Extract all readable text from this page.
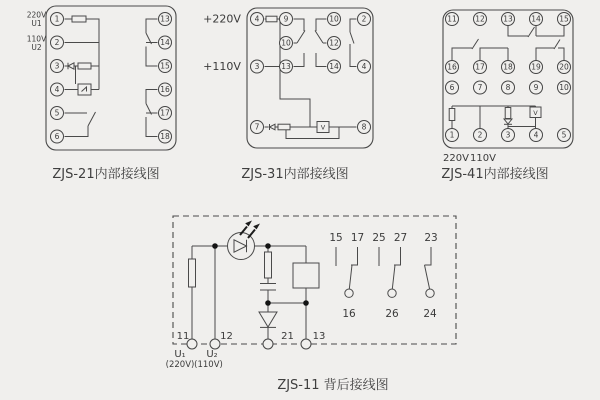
220V
U1
110V
U2
1
2
3
4
5
6
13
14
15
16
17
18
ZJS-21内部接线图
+220V
+110V
V
4
3
9
10
13
10
12
14
2
4
7	8
ZJS-31内部接线图
V
11 12 13 14 15
16 17 18 19 20
6	7	8	9	10
1	2	3	4	5
220V 110V
ZJS-41内部接线图
11	12	21 13
U₁ U₂
(220V) (110V)
15 17 25 27 23
16	26 24
ZJS-11 背后接线图
